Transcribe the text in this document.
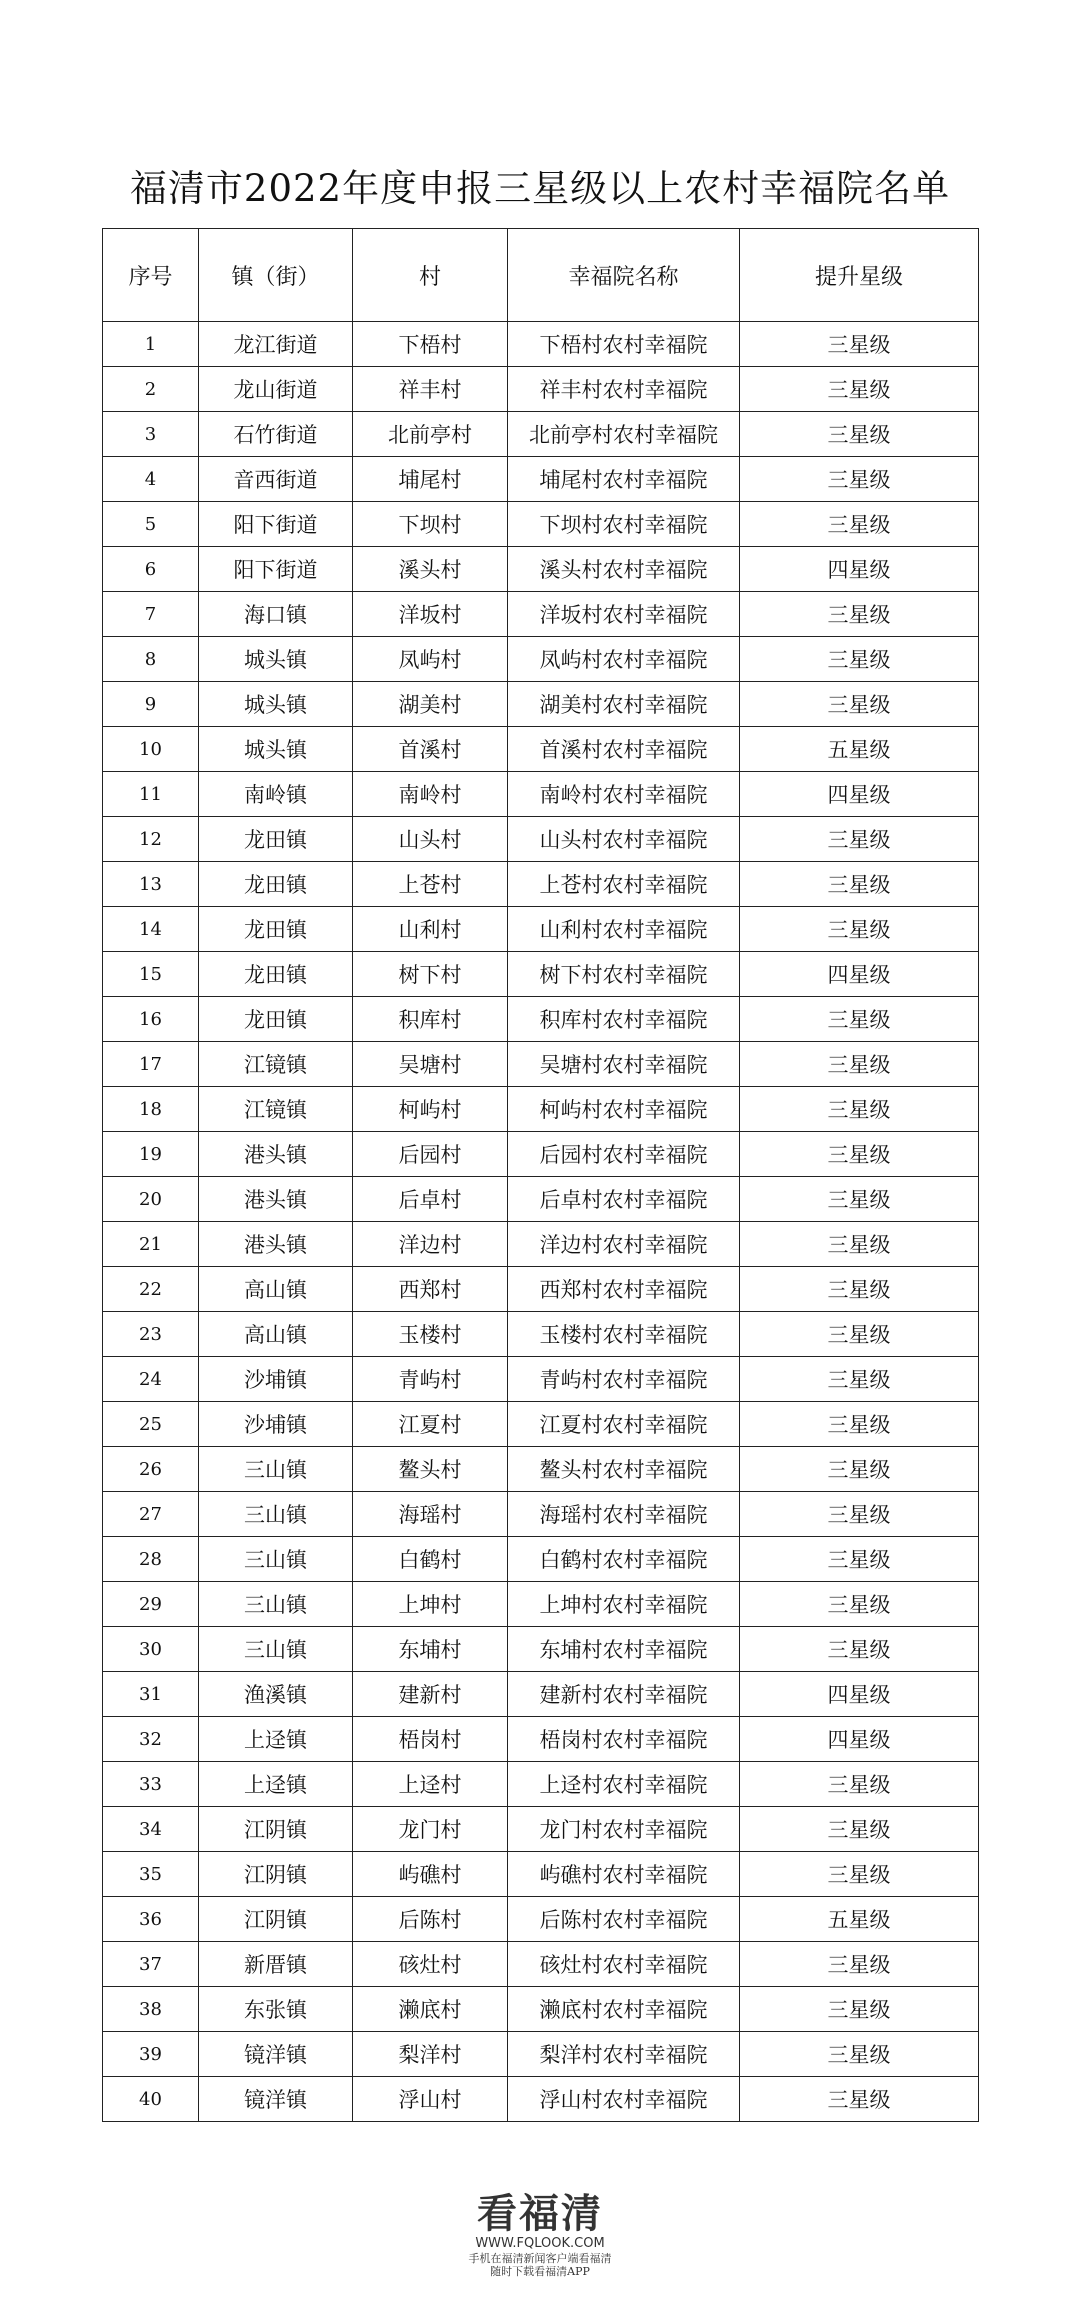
福清市2022年度申报三星级以上农村幸福院名单
序号	镇（街）	村	幸福院名称	提升星级
1	龙江街道	下梧村	下梧村农村幸福院	三星级
2	龙山街道	祥丰村	祥丰村农村幸福院	三星级
3	石竹街道	北前亭村	北前亭村农村幸福院	三星级
4	音西街道	埔尾村	埔尾村农村幸福院	三星级
5	阳下街道	下坝村	下坝村农村幸福院	三星级
6	阳下街道	溪头村	溪头村农村幸福院	四星级
7	海口镇	洋坂村	洋坂村农村幸福院	三星级
8	城头镇	凤屿村	凤屿村农村幸福院	三星级
9	城头镇	湖美村	湖美村农村幸福院	三星级
10	城头镇	首溪村	首溪村农村幸福院	五星级
11	南岭镇	南岭村	南岭村农村幸福院	四星级
12	龙田镇	山头村	山头村农村幸福院	三星级
13	龙田镇	上苍村	上苍村农村幸福院	三星级
14	龙田镇	山利村	山利村农村幸福院	三星级
15	龙田镇	树下村	树下村农村幸福院	四星级
16	龙田镇	积库村	积库村农村幸福院	三星级
17	江镜镇	吴塘村	吴塘村农村幸福院	三星级
18	江镜镇	柯屿村	柯屿村农村幸福院	三星级
19	港头镇	后园村	后园村农村幸福院	三星级
20	港头镇	后卓村	后卓村农村幸福院	三星级
21	港头镇	洋边村	洋边村农村幸福院	三星级
22	高山镇	西郑村	西郑村农村幸福院	三星级
23	高山镇	玉楼村	玉楼村农村幸福院	三星级
24	沙埔镇	青屿村	青屿村农村幸福院	三星级
25	沙埔镇	江夏村	江夏村农村幸福院	三星级
26	三山镇	鳌头村	鳌头村农村幸福院	三星级
27	三山镇	海瑶村	海瑶村农村幸福院	三星级
28	三山镇	白鹤村	白鹤村农村幸福院	三星级
29	三山镇	上坤村	上坤村农村幸福院	三星级
30	三山镇	东埔村	东埔村农村幸福院	三星级
31	渔溪镇	建新村	建新村农村幸福院	四星级
32	上迳镇	梧岗村	梧岗村农村幸福院	四星级
33	上迳镇	上迳村	上迳村农村幸福院	三星级
34	江阴镇	龙门村	龙门村农村幸福院	三星级
35	江阴镇	屿礁村	屿礁村农村幸福院	三星级
36	江阴镇	后陈村	后陈村农村幸福院	五星级
37	新厝镇	硋灶村	硋灶村农村幸福院	三星级
38	东张镇	濑底村	濑底村农村幸福院	三星级
39	镜洋镇	梨洋村	梨洋村农村幸福院	三星级
40	镜洋镇	浮山村	浮山村农村幸福院	三星级
看福清
WWW.FQLOOK.COM
手机在福清新闻客户端看福清
随时下载看福清APP
